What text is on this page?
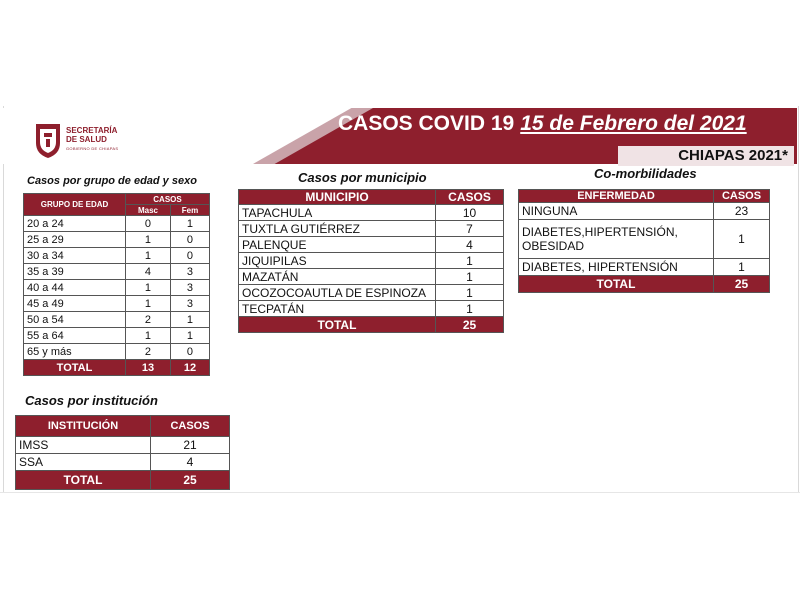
SECRETARÍA
DE SALUD
GOBIERNO DE CHIAPAS
CASOS COVID 19 15 de Febrero del 2021
CHIAPAS 2021*
Casos por grupo de edad y sexo
GRUPO DE EDAD	CASOS	
	Masc	Fem
20 a 24	0	1
25 a 29	1	0
30 a 34	1	0
35 a 39	4	3
40 a 44	1	3
45 a 49	1	3
50 a 54	2	1
55 a 64	1	1
65 y más	2	0
TOTAL	13	12
Casos por municipio
MUNICIPIO	CASOS
TAPACHULA	10
TUXTLA GUTIÉRREZ	7
PALENQUE	4
JIQUIPILAS	1
MAZATÁN	1
OCOZOCOAUTLA DE ESPINOZA	1
TECPATÁN	1
TOTAL	25
Co-morbilidades
ENFERMEDAD	CASOS
NINGUNA	23
DIABETES,HIPERTENSIÓN, OBESIDAD	1
DIABETES, HIPERTENSIÓN	1
TOTAL	25
Casos por institución
INSTITUCIÓN	CASOS
IMSS	21
SSA	4
TOTAL	25
